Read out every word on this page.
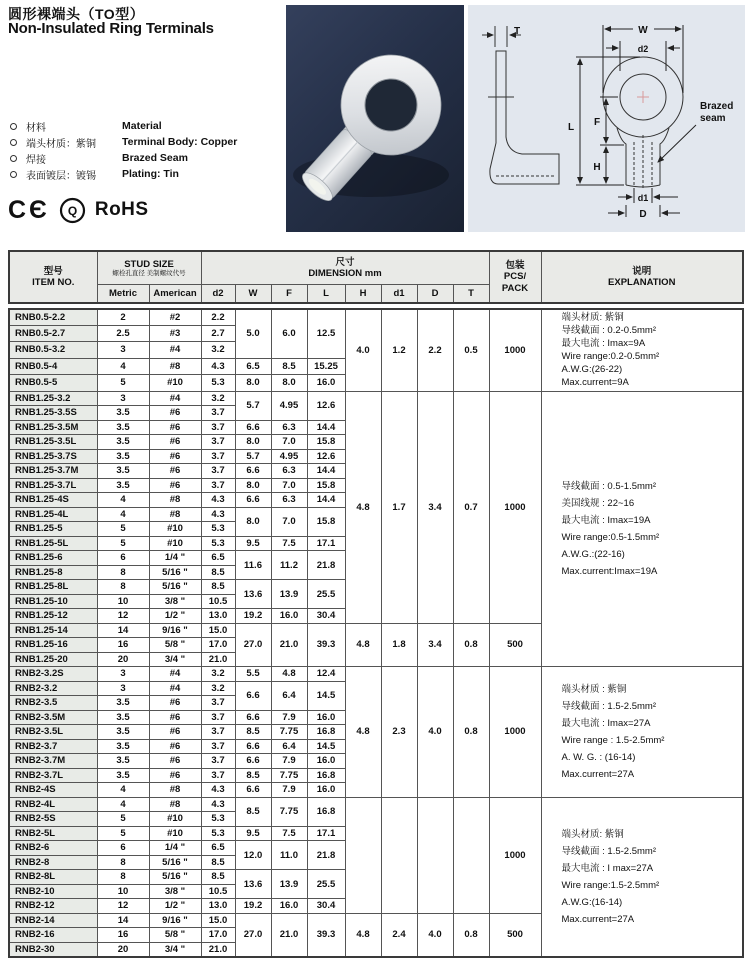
圆形裸端头（TO型）
Non-Insulated Ring Terminals
材料	Material
端头材质：紫铜	Terminal Body: Copper
焊接	Brazed Seam
表面镀层：镀锡	Plating: Tin
CЄ Q RoHS
T	W
d2
L F
H
d1
D
Brazed
seam
型号
ITEM NO.

STUD SIZE
螺栓孔直径 美制螺纹代号

尺寸
DIMENSION mm

包装
PCS/
PACK

说明
EXPLANATION

	Metric	American	d2	W	F	L	H	d1	D	T		
RNB0.5-2.2	2	#2	2.2	5.0	6.0	12.5	4.0	1.2	2.2	0.5	1000	
端头材质: 紫铜
导线截面 : 0.2-0.5mm²
最大电流 : Imax=9A
Wire range:0.2-0.5mm²
A.W.G:(26-22)
Max.current=9A

RNB0.5-2.7	2.5	#3	2.7									
RNB0.5-3.2	3	#4	3.2									
RNB0.5-4	4	#8	4.3	6.5	8.5	15.25						
RNB0.5-5	5	#10	5.3	8.0	8.0	16.0						
RNB1.25-3.2	3	#4	3.2	5.7	4.95	12.6	4.8	1.7	3.4	0.7	1000	
导线截面 : 0.5-1.5mm²
美国线规 : 22~16
最大电流 : Imax=19A
Wire range:0.5-1.5mm²
A.W.G.:(22-16)
Max.current:Imax=19A

RNB1.25-3.5S	3.5	#6	3.7									
RNB1.25-3.5M	3.5	#6	3.7	6.6	6.3	14.4						
RNB1.25-3.5L	3.5	#6	3.7	8.0	7.0	15.8						
RNB1.25-3.7S	3.5	#6	3.7	5.7	4.95	12.6						
RNB1.25-3.7M	3.5	#6	3.7	6.6	6.3	14.4						
RNB1.25-3.7L	3.5	#6	3.7	8.0	7.0	15.8						
RNB1.25-4S	4	#8	4.3	6.6	6.3	14.4						
RNB1.25-4L	4	#8	4.3	8.0	7.0	15.8						
RNB1.25-5	5	#10	5.3									
RNB1.25-5L	5	#10	5.3	9.5	7.5	17.1						
RNB1.25-6	6	1/4 "	6.5	11.6	11.2	21.8						
RNB1.25-8	8	5/16 "	8.5									
RNB1.25-8L	8	5/16 "	8.5	13.6	13.9	25.5						
RNB1.25-10	10	3/8 "	10.5									
RNB1.25-12	12	1/2 "	13.0	19.2	16.0	30.4						
RNB1.25-14	14	9/16 "	15.0	27.0	21.0	39.3	4.8	1.8	3.4	0.8	500	
RNB1.25-16	16	5/8 "	17.0									
RNB1.25-20	20	3/4 "	21.0									
RNB2-3.2S	3	#4	3.2	5.5	4.8	12.4	4.8	2.3	4.0	0.8	1000	
端头材质 : 紫铜
导线截面 : 1.5-2.5mm²
最大电流 : Imax=27A
Wire range : 1.5-2.5mm²
A. W. G. : (16-14)
Max.current=27A

RNB2-3.2	3	#4	3.2	6.6	6.4	14.5						
RNB2-3.5	3.5	#6	3.7									
RNB2-3.5M	3.5	#6	3.7	6.6	7.9	16.0						
RNB2-3.5L	3.5	#6	3.7	8.5	7.75	16.8						
RNB2-3.7	3.5	#6	3.7	6.6	6.4	14.5						
RNB2-3.7M	3.5	#6	3.7	6.6	7.9	16.0						
RNB2-3.7L	3.5	#6	3.7	8.5	7.75	16.8						
RNB2-4S	4	#8	4.3	6.6	7.9	16.0						
RNB2-4L	4	#8	4.3	8.5	7.75	16.8					1000	
端头材质: 紫铜
导线截面 : 1.5-2.5mm²
最大电流 : I max=27A
Wire range:1.5-2.5mm²
A.W.G:(16-14)
Max.current=27A

RNB2-5S	5	#10	5.3									
RNB2-5L	5	#10	5.3	9.5	7.5	17.1						
RNB2-6	6	1/4 "	6.5	12.0	11.0	21.8						
RNB2-8	8	5/16 "	8.5									
RNB2-8L	8	5/16 "	8.5	13.6	13.9	25.5						
RNB2-10	10	3/8 "	10.5									
RNB2-12	12	1/2 "	13.0	19.2	16.0	30.4						
RNB2-14	14	9/16 "	15.0	27.0	21.0	39.3	4.8	2.4	4.0	0.8	500	
RNB2-16	16	5/8 "	17.0									
RNB2-30	20	3/4 "	21.0									
